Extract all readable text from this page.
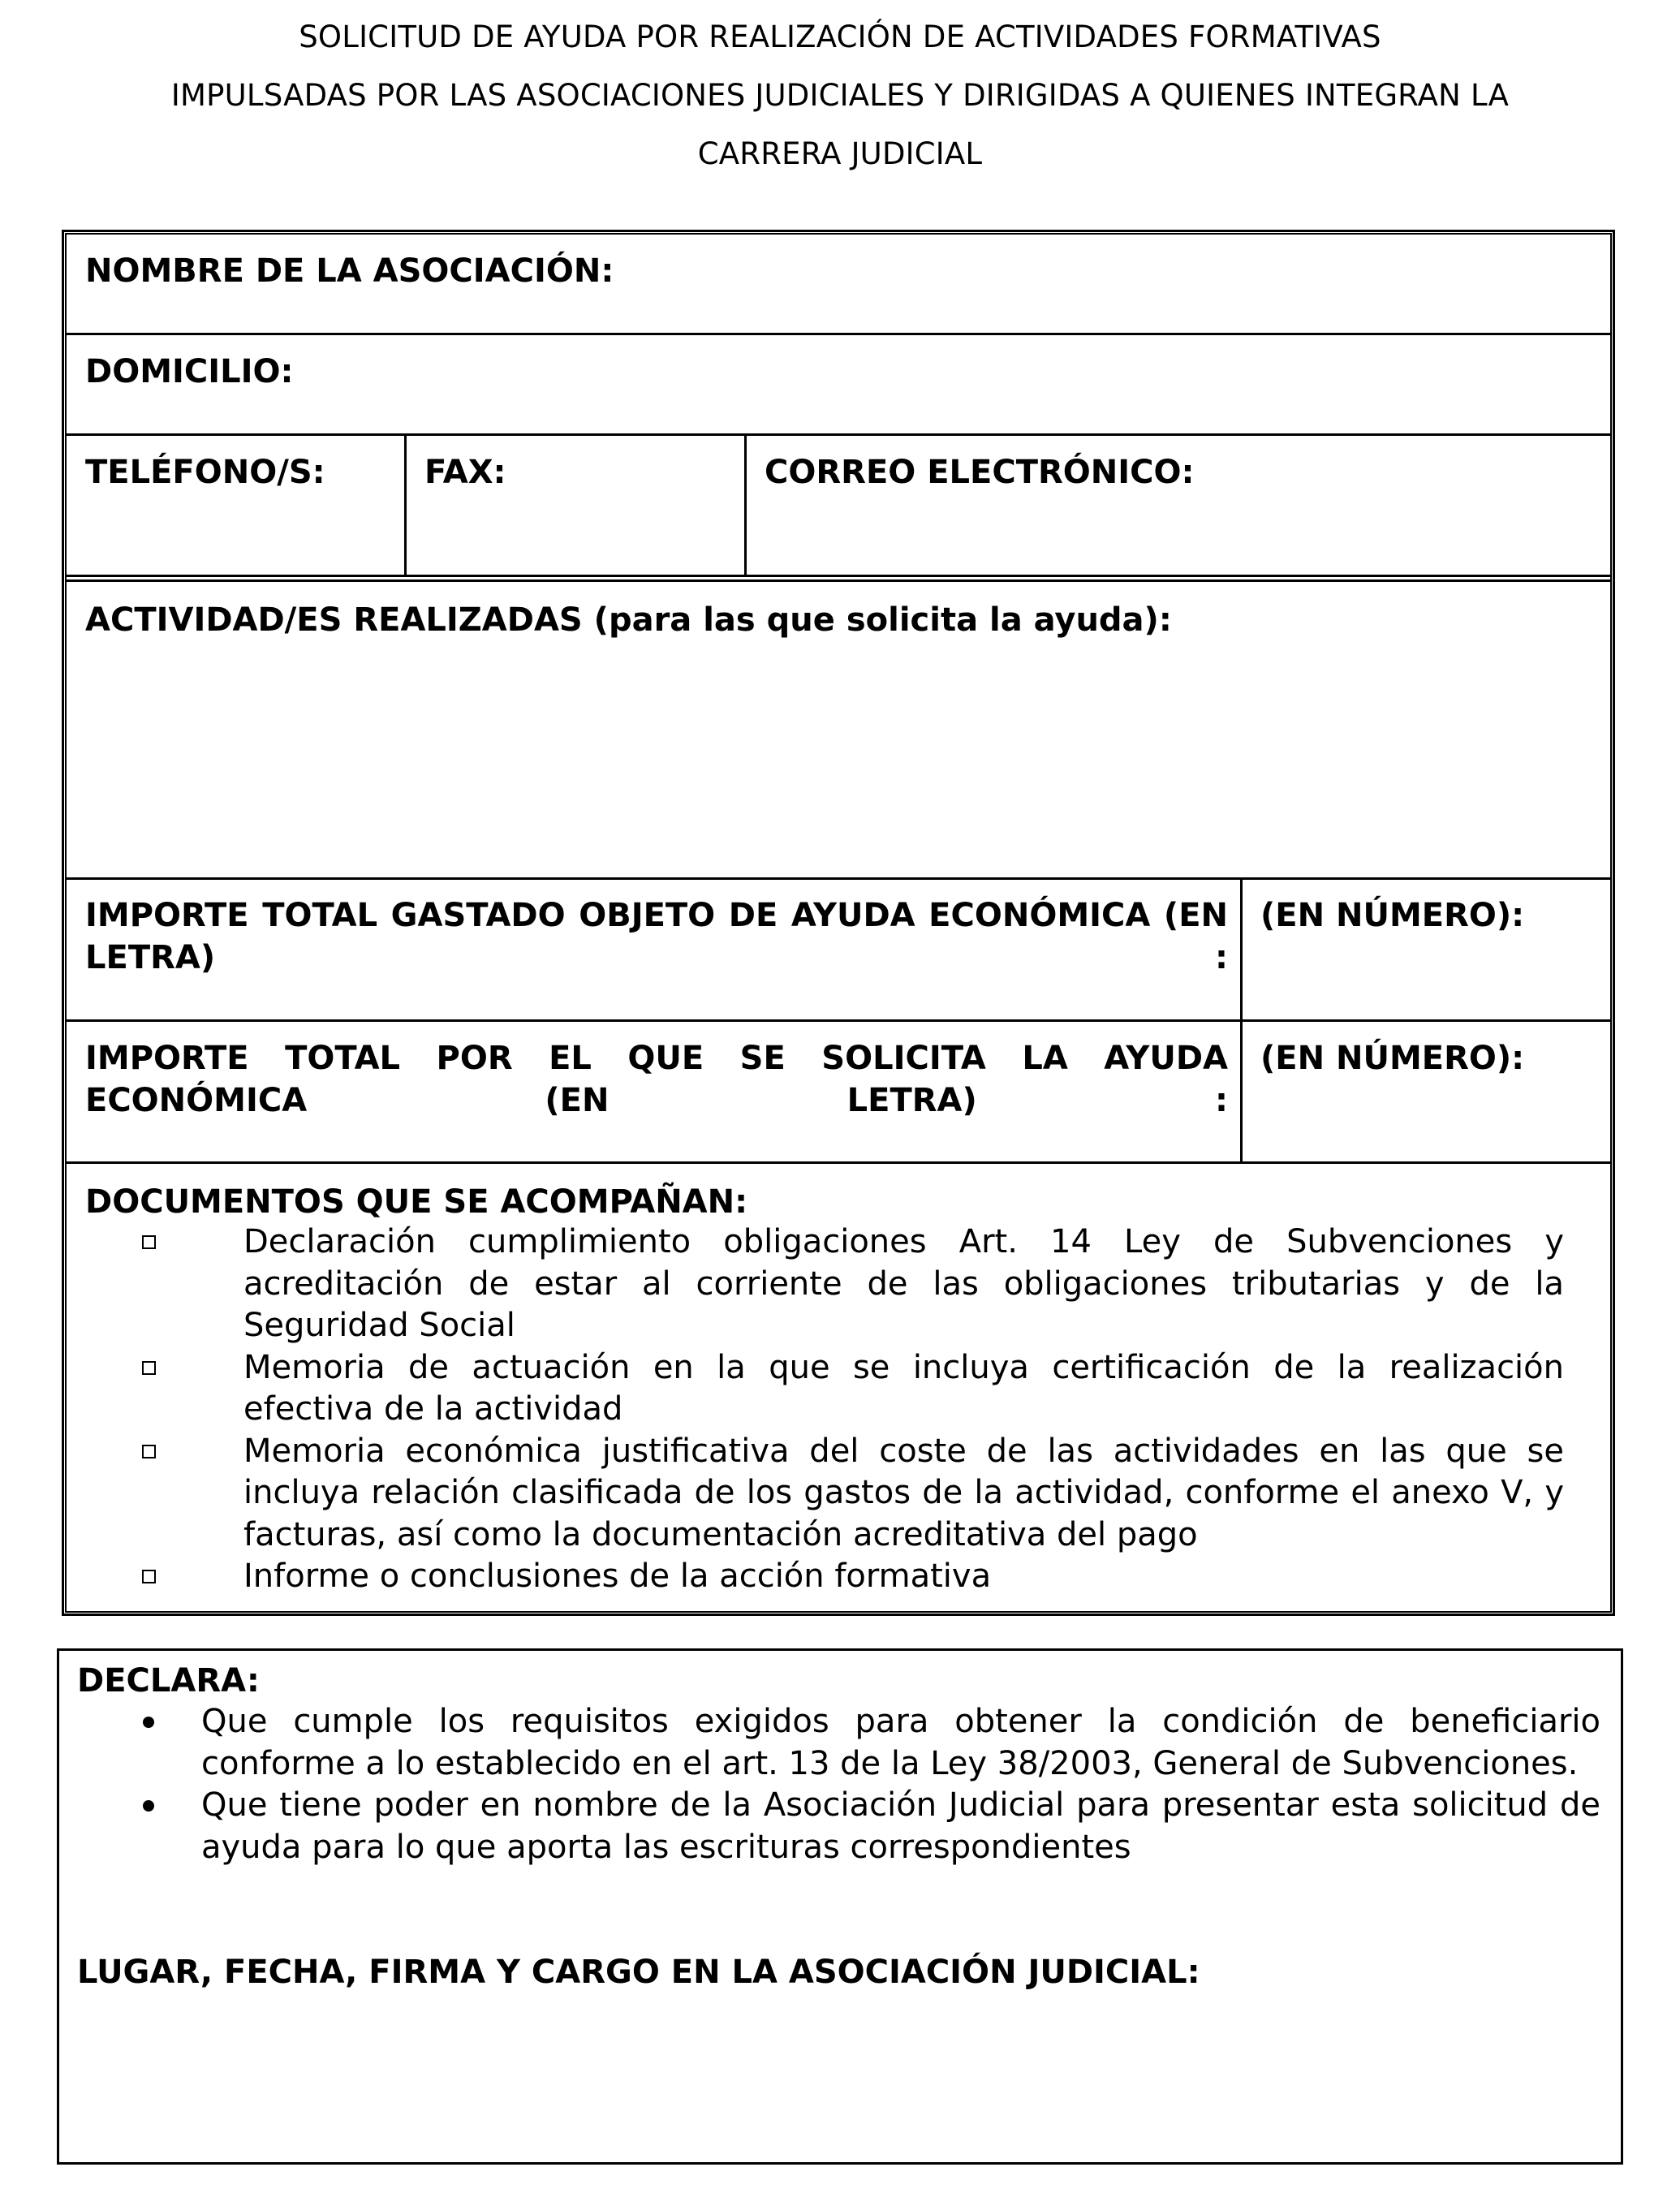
SOLICITUD DE AYUDA POR REALIZACIÓN DE ACTIVIDADES FORMATIVAS
IMPULSADAS POR LAS ASOCIACIONES JUDICIALES Y DIRIGIDAS A QUIENES INTEGRAN LA
CARRERA JUDICIAL
NOMBRE DE LA ASOCIACIÓN:
DOMICILIO:
TELÉFONO/S:	FAX:	CORREO ELECTRÓNICO:
ACTIVIDAD/ES REALIZADAS (para las que solicita la ayuda):
IMPORTE TOTAL GASTADO OBJETO DE AYUDA ECONÓMICA (EN LETRA) :
(EN NÚMERO):
IMPORTE TOTAL POR EL QUE SE SOLICITA LA AYUDA ECONÓMICA (EN LETRA) :
(EN NÚMERO):
DOCUMENTOS QUE SE ACOMPAÑAN:
Declaración cumplimiento obligaciones Art. 14 Ley de Subvenciones y acreditación de estar al corriente de las obligaciones tributarias y de la Seguridad Social
Memoria de actuación en la que se incluya certificación de la realización efectiva de la actividad
Memoria económica justificativa del coste de las actividades en las que se incluya relación clasificada de los gastos de la actividad, conforme el anexo V, y facturas, así como la documentación acreditativa del pago
Informe o conclusiones de la acción formativa
DECLARA:
Que cumple los requisitos exigidos para obtener la condición de beneficiario conforme a lo establecido en el art. 13 de la Ley 38/2003, General de Subvenciones.
Que tiene poder en nombre de la Asociación Judicial para presentar esta solicitud de ayuda para lo que aporta las escrituras correspondientes
LUGAR, FECHA, FIRMA Y CARGO EN LA ASOCIACIÓN JUDICIAL:
